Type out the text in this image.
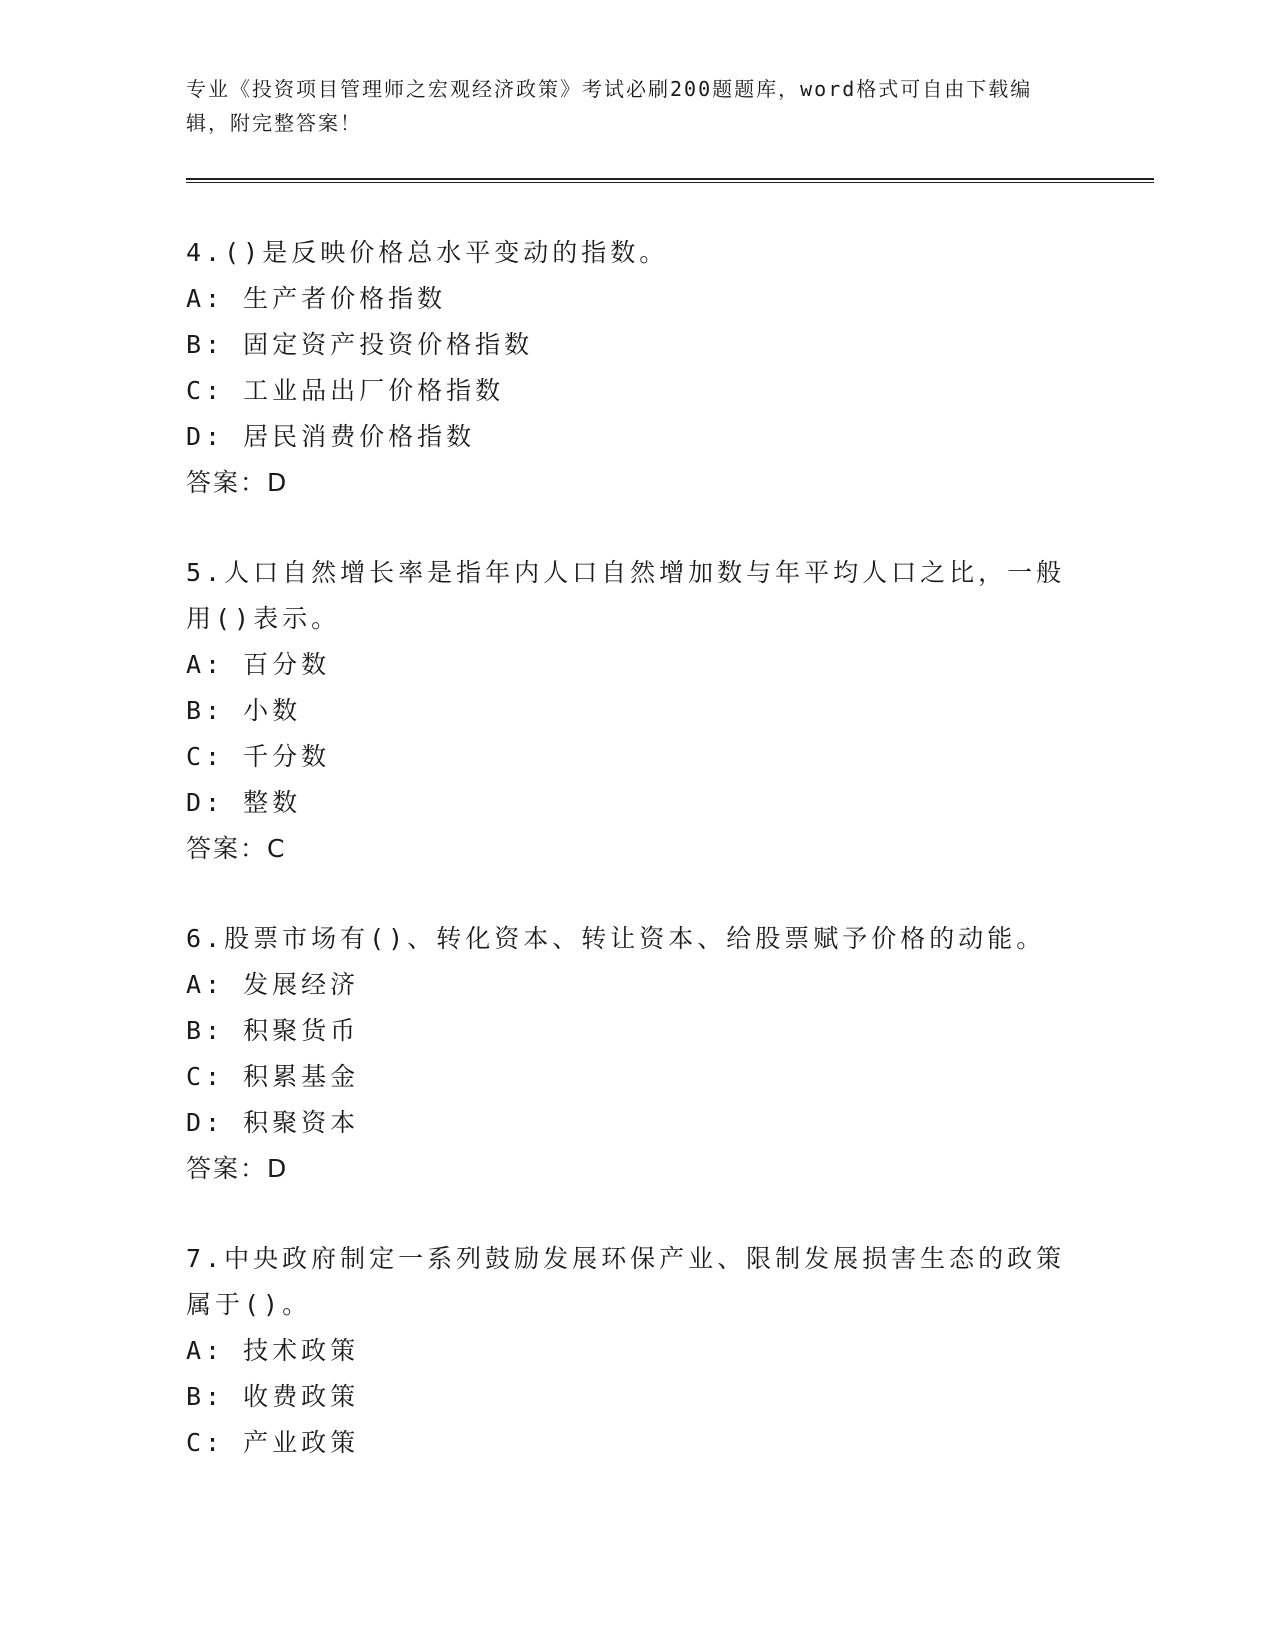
专业《投资项目管理师之宏观经济政策》考试必刷200题题库，word格式可自由下载编辑，附完整答案！

4.()是反映价格总水平变动的指数。

A: 生产者价格指数

B: 固定资产投资价格指数

C: 工业品出厂价格指数

D: 居民消费价格指数

答案：D

5.人口自然增长率是指年内人口自然增加数与年平均人口之比，一般用()表示。

A: 百分数

B: 小数

C: 千分数

D: 整数

答案：C

6.股票市场有()、转化资本、转让资本、给股票赋予价格的动能。

A: 发展经济

B: 积聚货币

C: 积累基金

D: 积聚资本

答案：D

7.中央政府制定一系列鼓励发展环保产业、限制发展损害生态的政策属于()。

A: 技术政策

B: 收费政策

C: 产业政策
